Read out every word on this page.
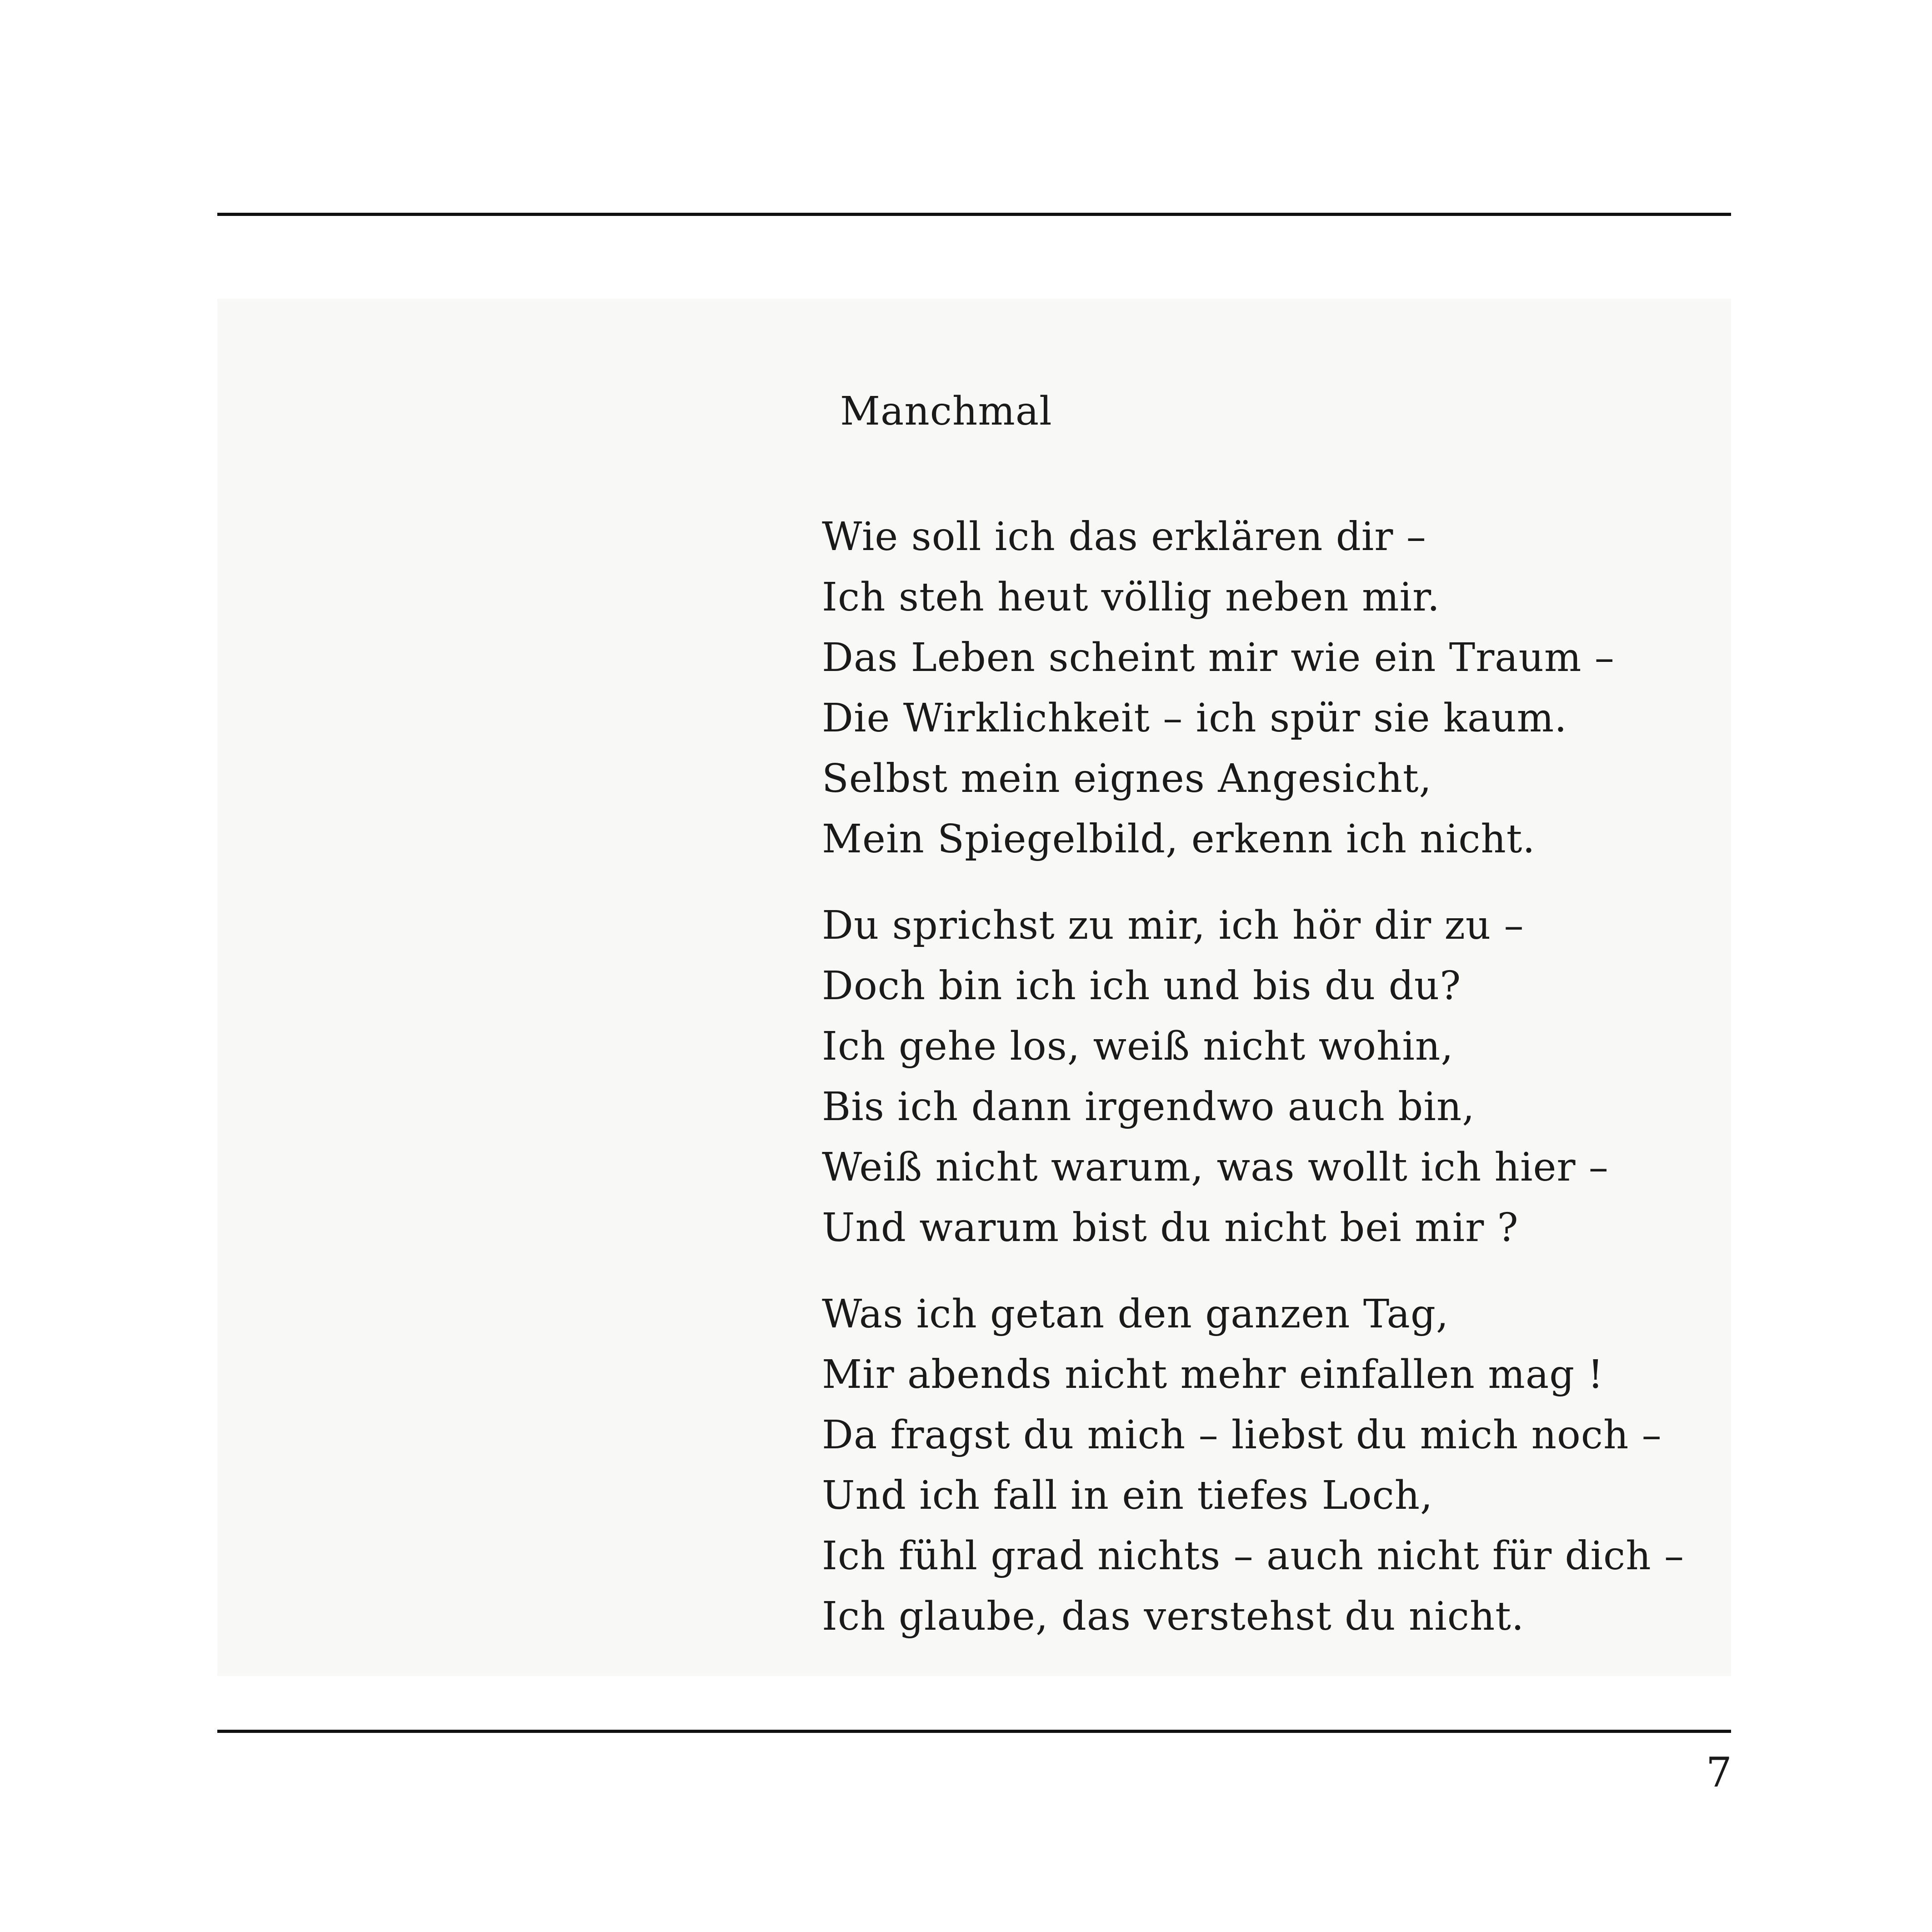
Manchmal
Wie soll ich das erklären dir –
Ich steh heut völlig neben mir.
Das Leben scheint mir wie ein Traum –
Die Wirklichkeit – ich spür sie kaum.
Selbst mein eignes Angesicht,
Mein Spiegelbild, erkenn ich nicht.
Du sprichst zu mir, ich hör dir zu –
Doch bin ich ich und bis du du?
Ich gehe los, weiß nicht wohin,
Bis ich dann irgendwo auch bin,
Weiß nicht warum, was wollt ich hier –
Und warum bist du nicht bei mir ?
Was ich getan den ganzen Tag,
Mir abends nicht mehr einfallen mag !
Da fragst du mich – liebst du mich noch –
Und ich fall in ein tiefes Loch,
Ich fühl grad nichts – auch nicht für dich –
Ich glaube, das verstehst du nicht.
7
